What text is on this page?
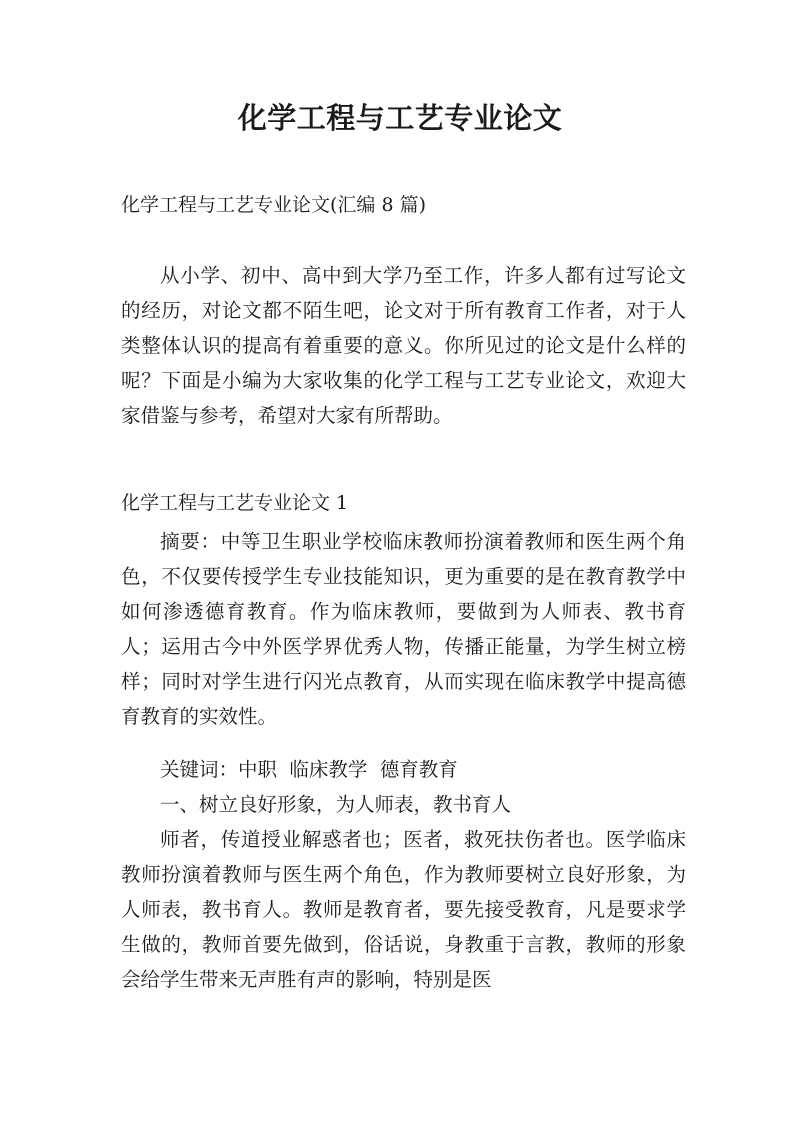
化学工程与工艺专业论文

化学工程与工艺专业论文(汇编 8 篇)

从小学、初中、高中到大学乃至工作，许多人都有过写论文的经历，对论文都不陌生吧，论文对于所有教育工作者，对于人类整体认识的提高有着重要的意义。你所见过的论文是什么样的呢？下面是小编为大家收集的化学工程与工艺专业论文，欢迎大家借鉴与参考，希望对大家有所帮助。

化学工程与工艺专业论文 1

摘要：中等卫生职业学校临床教师扮演着教师和医生两个角色，不仅要传授学生专业技能知识，更为重要的是在教育教学中如何渗透德育教育。作为临床教师，要做到为人师表、教书育人；运用古今中外医学界优秀人物，传播正能量，为学生树立榜样；同时对学生进行闪光点教育，从而实现在临床教学中提高德育教育的实效性。

关键词：中职  临床教学  德育教育

一、树立良好形象，为人师表，教书育人

师者，传道授业解惑者也；医者，救死扶伤者也。医学临床教师扮演着教师与医生两个角色，作为教师要树立良好形象，为人师表，教书育人。教师是教育者，要先接受教育，凡是要求学生做的，教师首要先做到，俗话说，身教重于言教，教师的形象会给学生带来无声胜有声的影响，特别是医
